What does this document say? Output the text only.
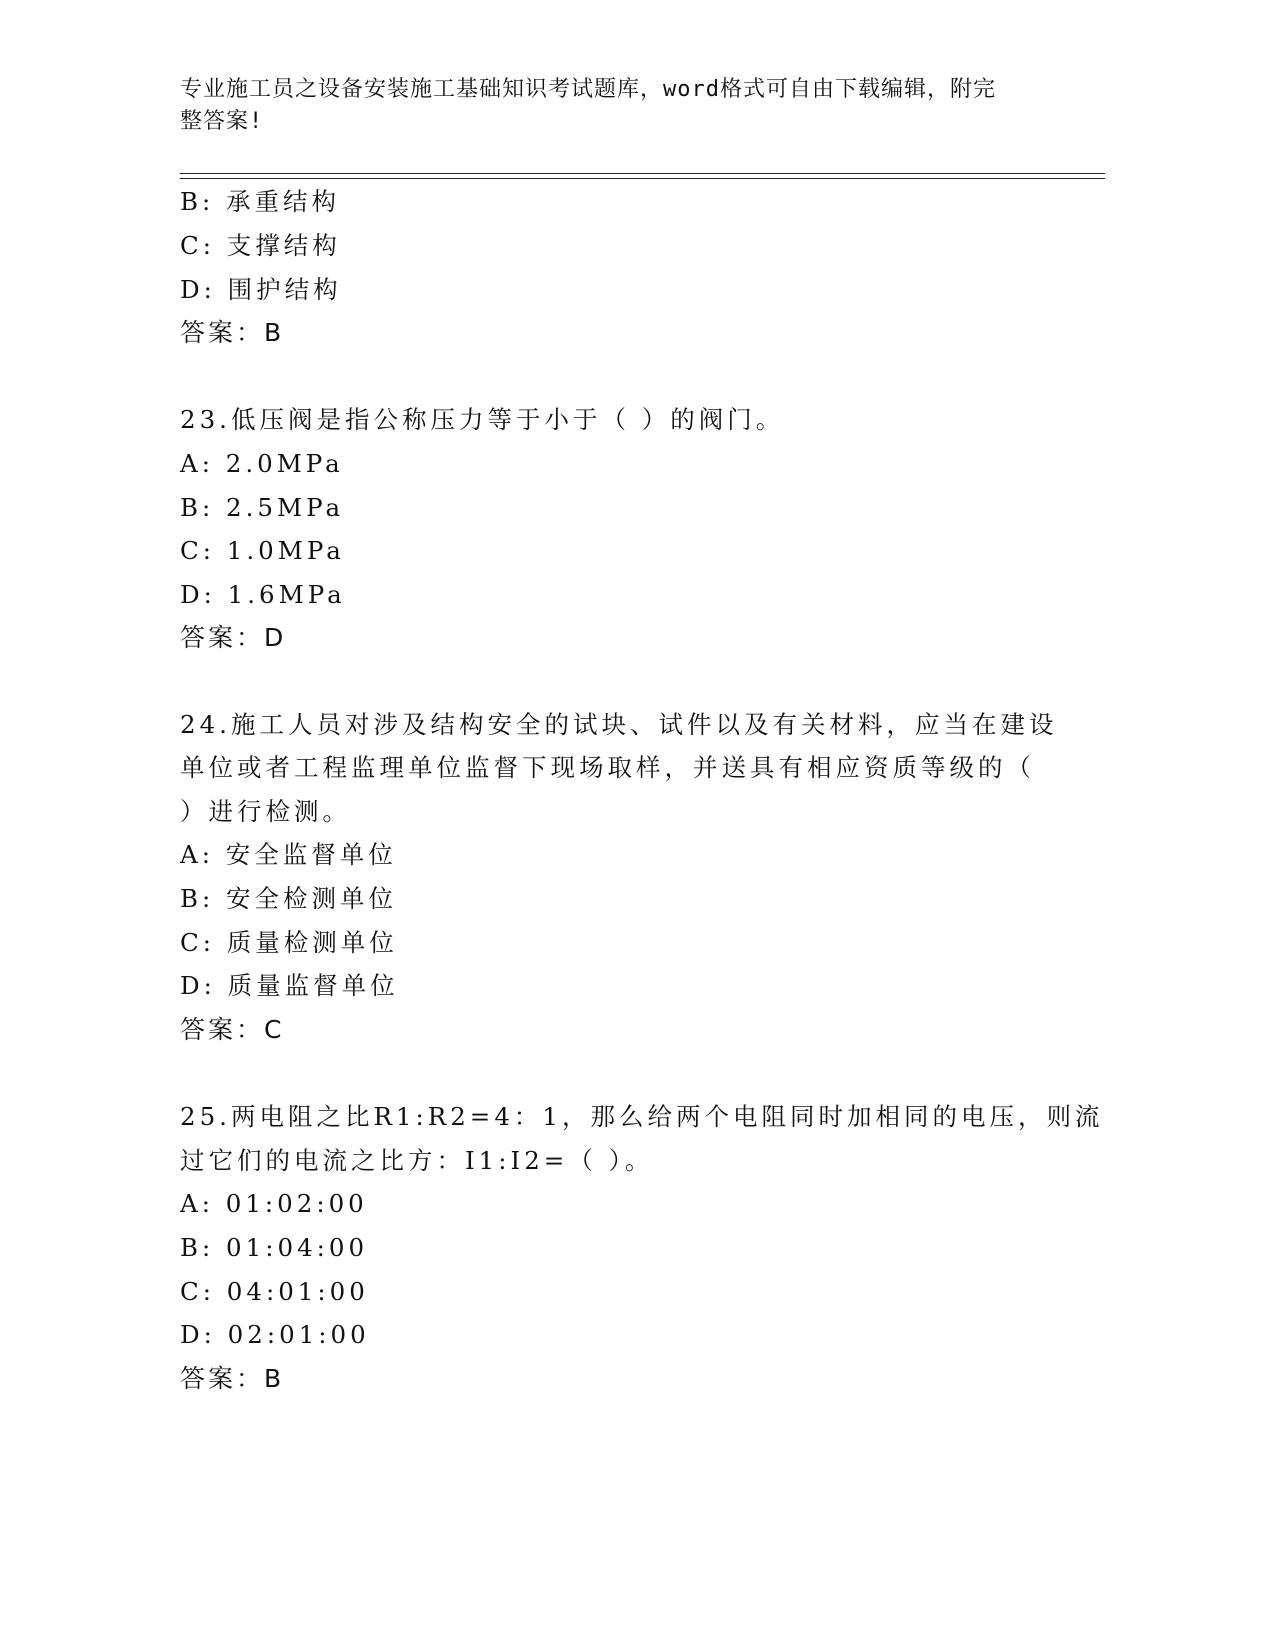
专业施工员之设备安装施工基础知识考试题库，word格式可自由下载编辑，附完
整答案!
B: 承重结构
C: 支撑结构
D: 围护结构
答案：B
23.低压阀是指公称压力等于小于（ ）的阀门。
A: 2.0MPa
B: 2.5MPa
C: 1.0MPa
D: 1.6MPa
答案：D
24.施工人员对涉及结构安全的试块、试件以及有关材料，应当在建设
单位或者工程监理单位监督下现场取样，并送具有相应资质等级的（
）进行检测。
A: 安全监督单位
B: 安全检测单位
C: 质量检测单位
D: 质量监督单位
答案：C
25.两电阻之比R1:R2=4：1，那么给两个电阻同时加相同的电压，则流
过它们的电流之比方：I1:I2=（ ）。
A: 01:02:00
B: 01:04:00
C: 04:01:00
D: 02:01:00
答案：B
